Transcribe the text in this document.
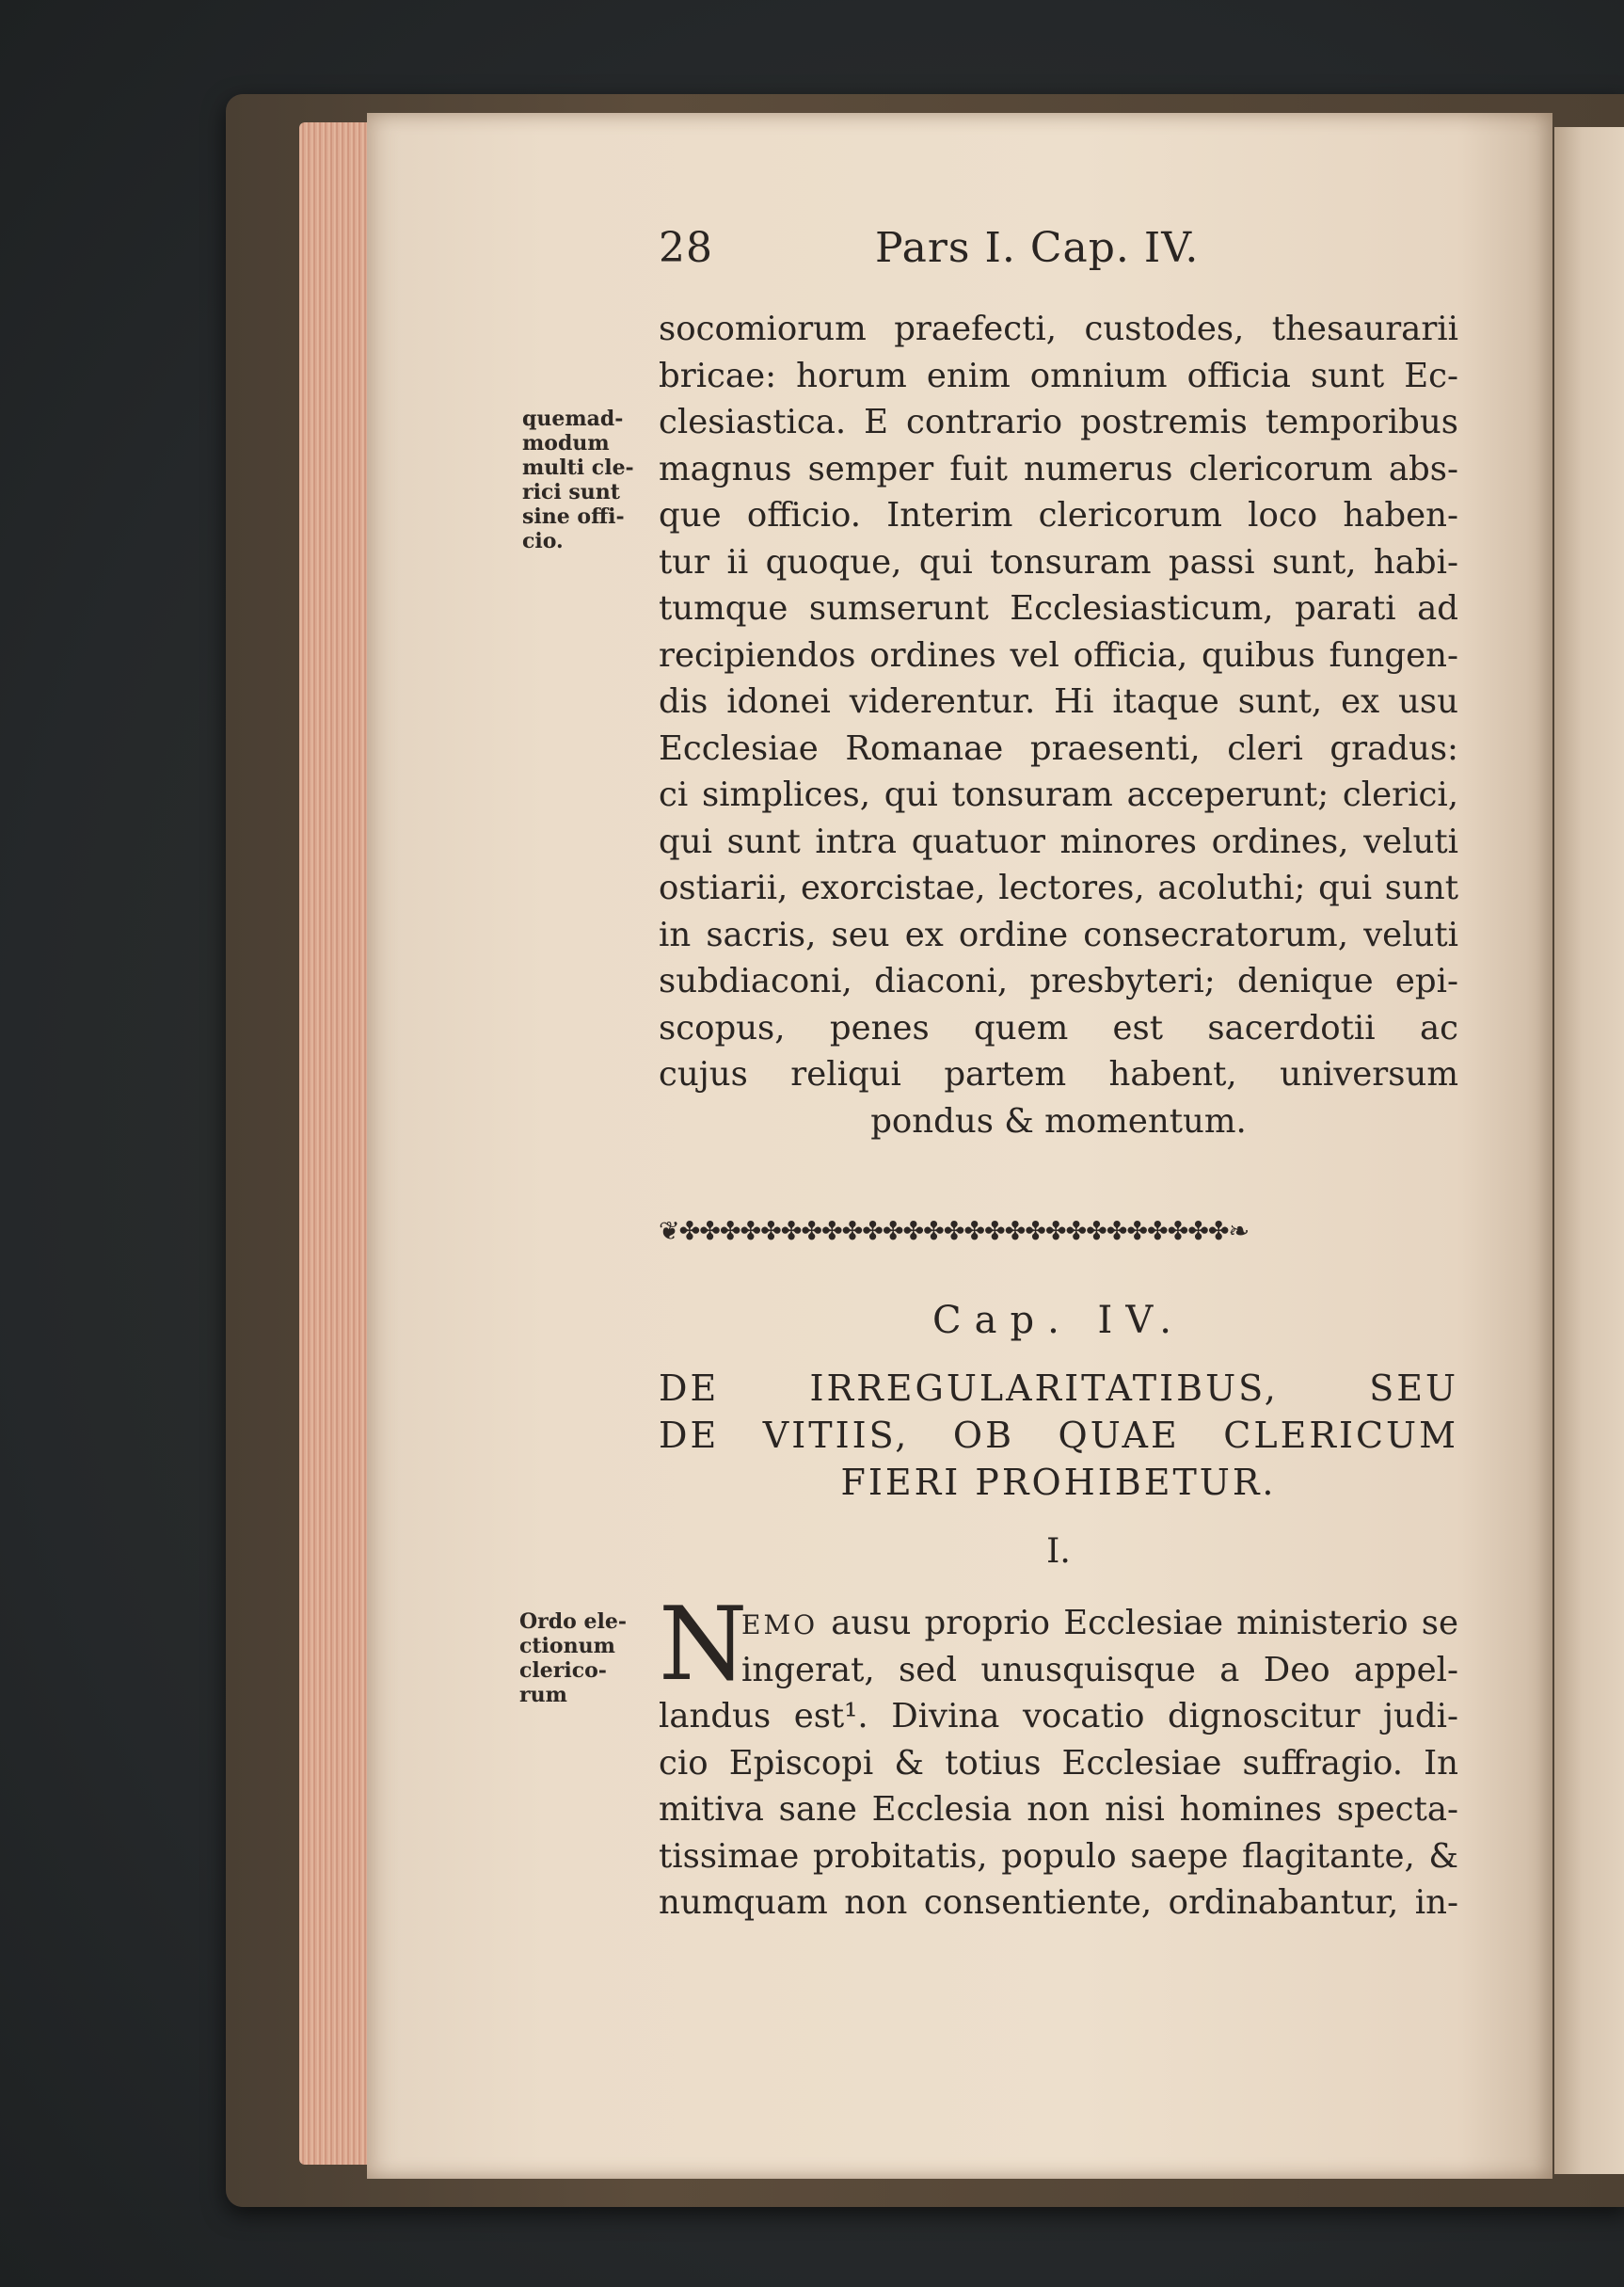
28	Pars I. Cap. IV.
quemad-
modum
multi cle-
rici sunt
sine offi-
cio.
socomiorum praefecti, custodes, thesaurarii
bricae: horum enim omnium officia sunt Ec-
clesiastica. E contrario postremis temporibus
magnus semper fuit numerus clericorum abs-
que officio. Interim clericorum loco haben-
tur ii quoque, qui tonsuram passi sunt, habi-
tumque sumserunt Ecclesiasticum, parati ad
recipiendos ordines vel officia, quibus fungen-
dis idonei viderentur. Hi itaque sunt, ex usu
Ecclesiae Romanae praesenti, cleri gradus:
ci simplices, qui tonsuram acceperunt; clerici,
qui sunt intra quatuor minores ordines, veluti
ostiarii, exorcistae, lectores, acoluthi; qui sunt
in sacris, seu ex ordine consecratorum, veluti
subdiaconi, diaconi, presbyteri; denique epi-
scopus, penes quem est sacerdotii ac
cujus reliqui partem habent, universum
pondus & momentum.
❦✤✤✤✤✤✤✤✤✤✤✤✤✤✤✤✤✤✤✤✤✤✤✤✤✤✤✤❧
Cap. IV.
DE IRREGULARITATIBUS, SEU
DE VITIIS, OB QUAE CLERICUM
FIERI PROHIBETUR.
I.
Ordo ele-
ctionum
clerico-
rum N
EMO ausu proprio Ecclesiae ministerio se
ingerat, sed unusquisque a Deo appel-
landus est¹. Divina vocatio dignoscitur judi-
cio Episcopi & totius Ecclesiae suffragio. In
mitiva sane Ecclesia non nisi homines specta-
tissimae probitatis, populo saepe flagitante, &
numquam non consentiente, ordinabantur, in-
